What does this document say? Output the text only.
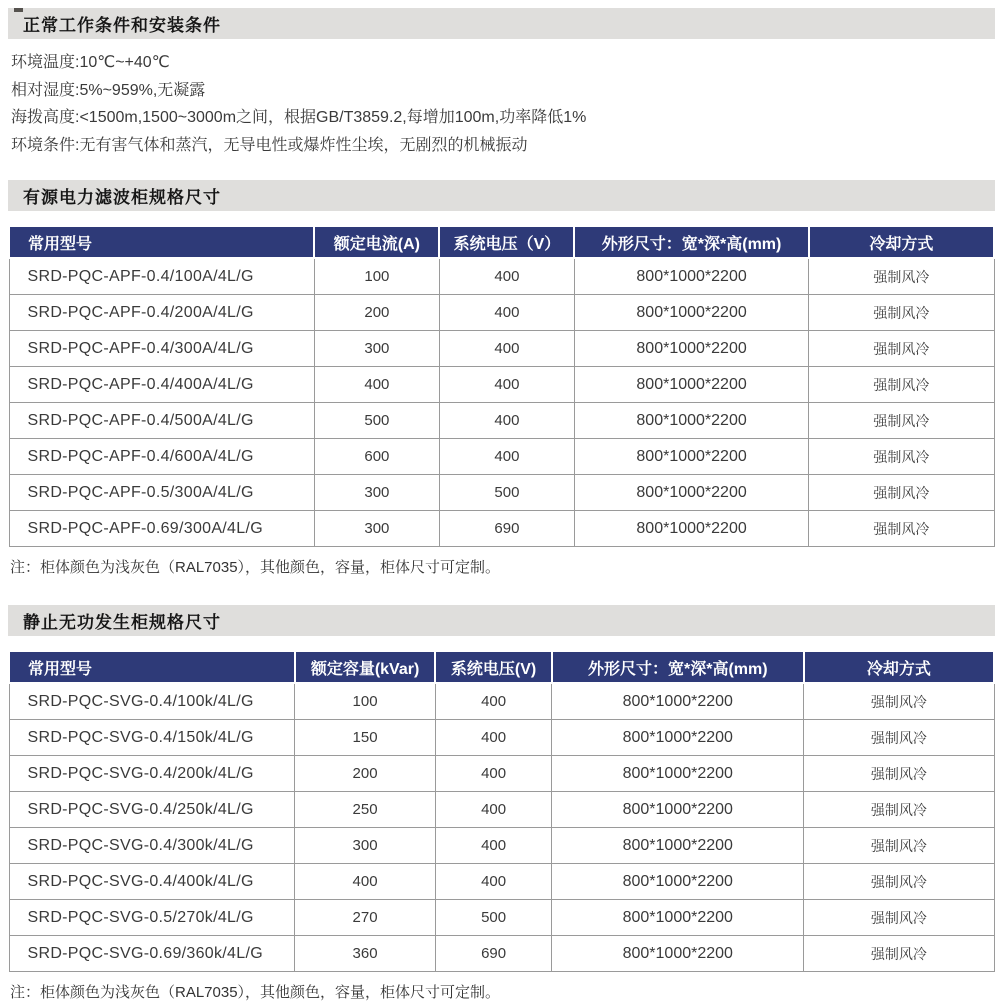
正常工作条件和安装条件

环境温度:10℃~+40℃

相对湿度:5%~959%,无凝露

海拨高度:<1500m,1500~3000m之间，根据GB/T3859.2,每增加100m,功率降低1%

环境条件:无有害气体和蒸汽，无导电性或爆炸性尘埃，无剧烈的机械振动

有源电力滤波柜规格尺寸
常用型号	额定电流(A)	系统电压（V）	外形尺寸：宽*深*高(mm)	冷却方式
SRD-PQC-APF-0.4/100A/4L/G	100	400	800*1000*2200	强制风冷
SRD-PQC-APF-0.4/200A/4L/G	200	400	800*1000*2200	强制风冷
SRD-PQC-APF-0.4/300A/4L/G	300	400	800*1000*2200	强制风冷
SRD-PQC-APF-0.4/400A/4L/G	400	400	800*1000*2200	强制风冷
SRD-PQC-APF-0.4/500A/4L/G	500	400	800*1000*2200	强制风冷
SRD-PQC-APF-0.4/600A/4L/G	600	400	800*1000*2200	强制风冷
SRD-PQC-APF-0.5/300A/4L/G	300	500	800*1000*2200	强制风冷
SRD-PQC-APF-0.69/300A/4L/G	300	690	800*1000*2200	强制风冷

注：柜体颜色为浅灰色（RAL7035），其他颜色，容量，柜体尺寸可定制。

静止无功发生柜规格尺寸
常用型号	额定容量(kVar)	系统电压(V)	外形尺寸：宽*深*高(mm)	冷却方式
SRD-PQC-SVG-0.4/100k/4L/G	100	400	800*1000*2200	强制风冷
SRD-PQC-SVG-0.4/150k/4L/G	150	400	800*1000*2200	强制风冷
SRD-PQC-SVG-0.4/200k/4L/G	200	400	800*1000*2200	强制风冷
SRD-PQC-SVG-0.4/250k/4L/G	250	400	800*1000*2200	强制风冷
SRD-PQC-SVG-0.4/300k/4L/G	300	400	800*1000*2200	强制风冷
SRD-PQC-SVG-0.4/400k/4L/G	400	400	800*1000*2200	强制风冷
SRD-PQC-SVG-0.5/270k/4L/G	270	500	800*1000*2200	强制风冷
SRD-PQC-SVG-0.69/360k/4L/G	360	690	800*1000*2200	强制风冷

注：柜体颜色为浅灰色（RAL7035），其他颜色，容量，柜体尺寸可定制。
